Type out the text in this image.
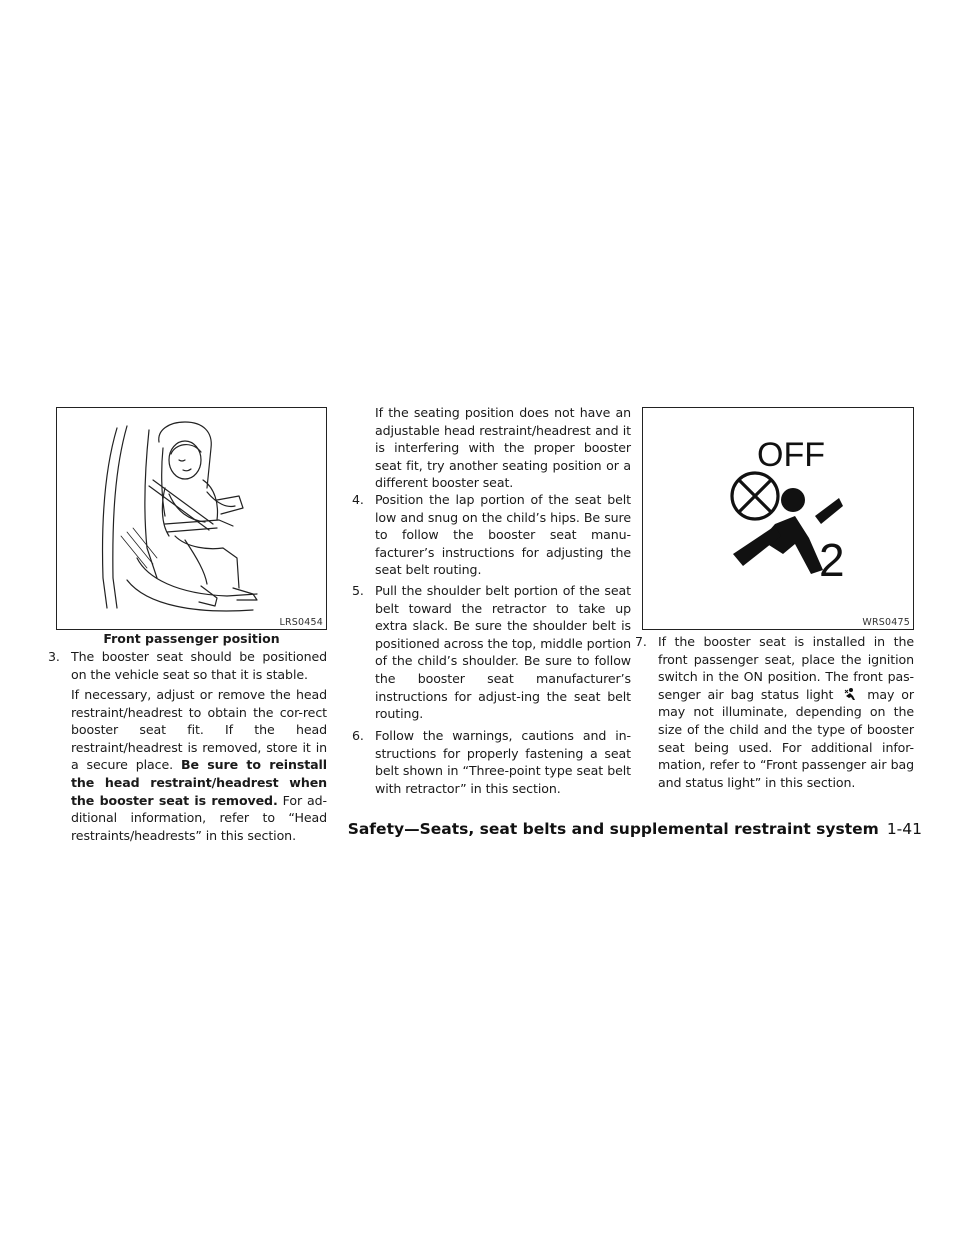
LRS0454
Front passenger position
3. The booster seat should be positioned on the vehicle seat so that it is stable.
If necessary, adjust or remove the head restraint/headrest to obtain the cor-rect booster seat fit. If the head restraint/headrest is removed, store it in a secure place. Be sure to reinstall the head restraint/headrest when the booster seat is removed. For ad-ditional information, refer to “Head restraints/headrests” in this section.
If the seating position does not have an adjustable head restraint/headrest and it is interfering with the proper booster seat fit, try another seating position or a different booster seat.
4. Position the lap portion of the seat belt low and snug on the child’s hips. Be sure to follow the booster seat manu-facturer’s instructions for adjusting the seat belt routing.
5. Pull the shoulder belt portion of the seat belt toward the retractor to take up extra slack. Be sure the shoulder belt is positioned across the top, middle portion of the child’s shoulder. Be sure to follow the booster seat manufacturer’s instructions for adjust-ing the seat belt routing.
6. Follow the warnings, cautions and in-structions for properly fastening a seat belt shown in “Three-point type seat belt with retractor” in this section.
OFF
2
WRS0475
7. If the booster seat is installed in the front passenger seat, place the ignition switch in the ON position. The front pas-senger air bag status light	may or may not illuminate, depending on the size of the child and the type of booster seat being used. For additional infor-mation, refer to “Front passenger air bag and status light” in this section.
Safety—Seats, seat belts and supplemental restraint system 1-41
